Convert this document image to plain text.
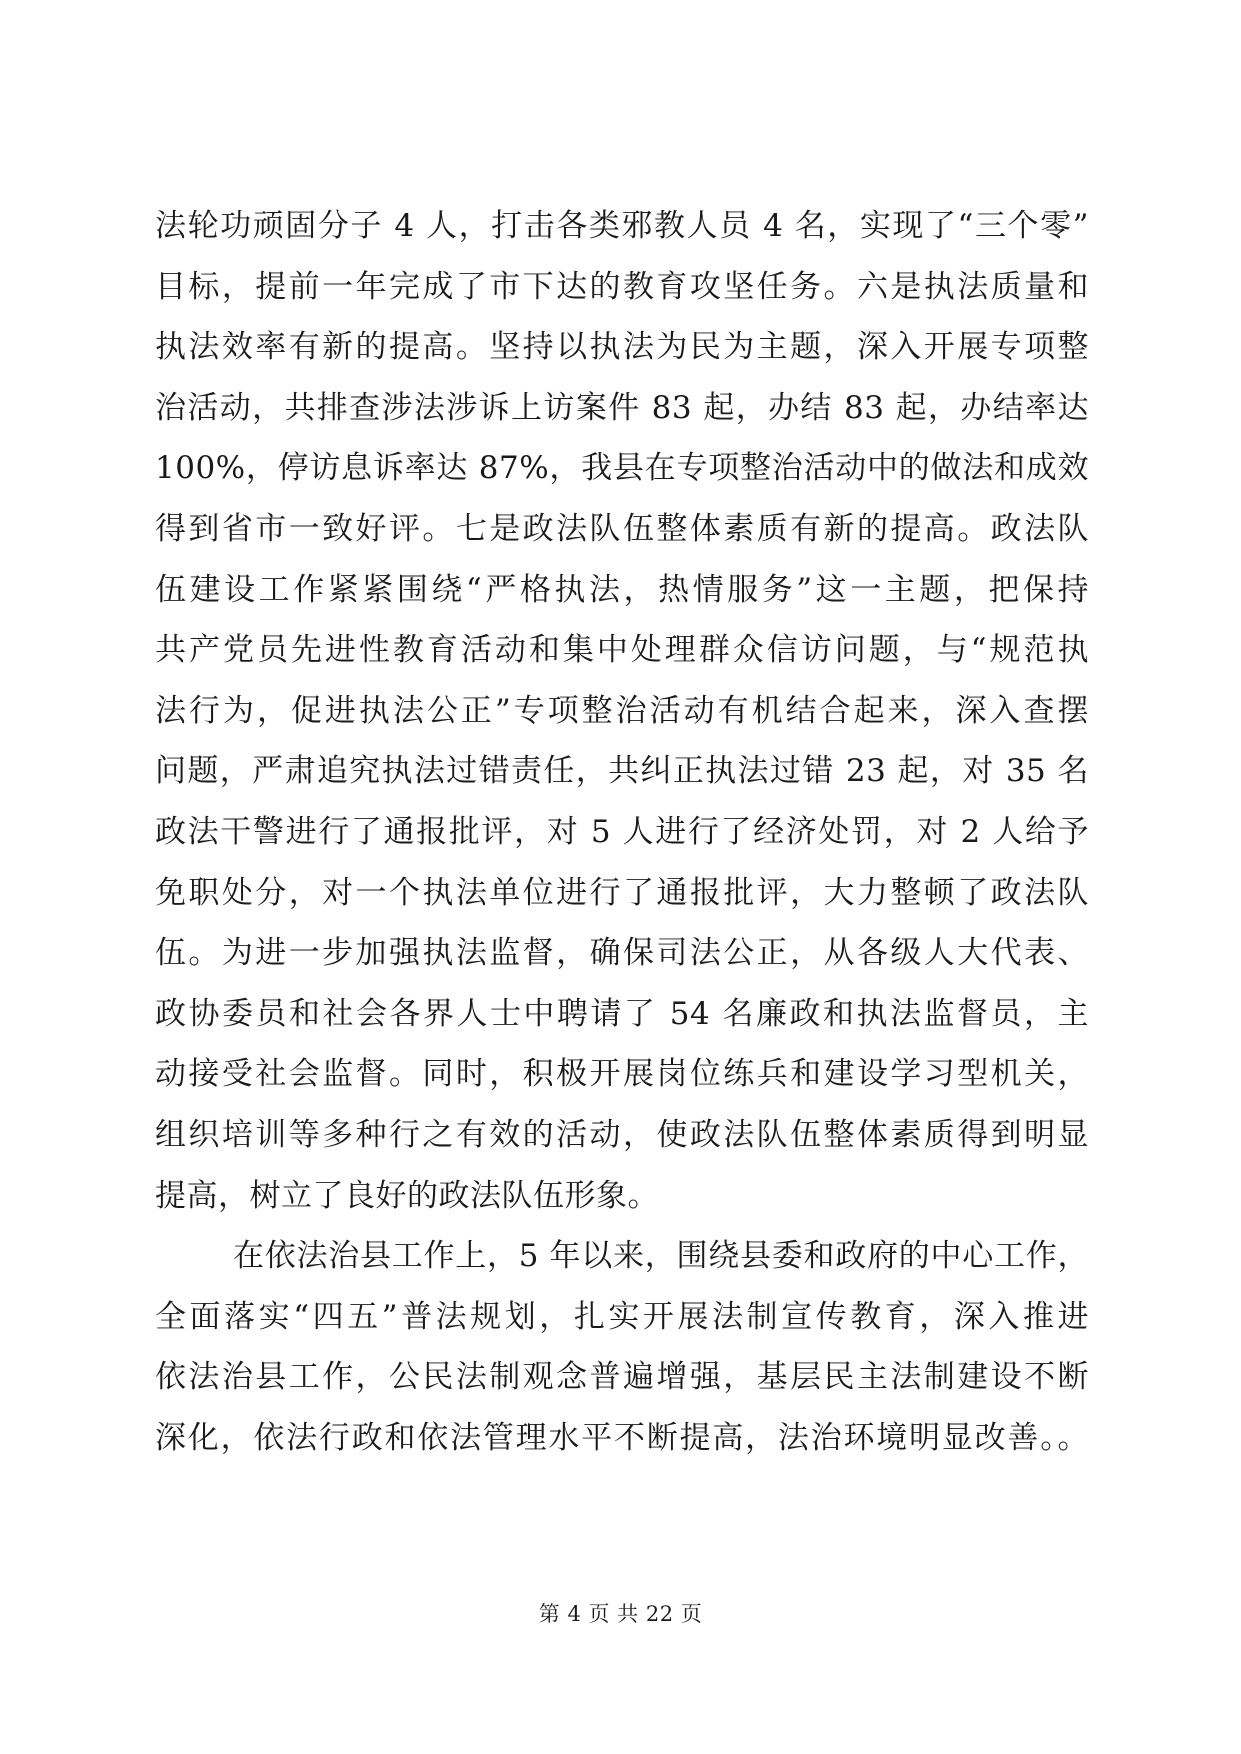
法轮功顽固分子 4 人，打击各类邪教人员 4 名，实现了“三个零”
目标，提前一年完成了市下达的教育攻坚任务。六是执法质量和
执法效率有新的提高。坚持以执法为民为主题，深入开展专项整
治活动，共排查涉法涉诉上访案件 83 起，办结 83 起，办结率达
100%，停访息诉率达 87%，我县在专项整治活动中的做法和成效
得到省市一致好评。七是政法队伍整体素质有新的提高。政法队
伍建设工作紧紧围绕“严格执法，热情服务”这一主题，把保持
共产党员先进性教育活动和集中处理群众信访问题，与“规范执
法行为，促进执法公正”专项整治活动有机结合起来，深入查摆
问题，严肃追究执法过错责任，共纠正执法过错 23 起，对 35 名
政法干警进行了通报批评，对 5 人进行了经济处罚，对 2 人给予
免职处分，对一个执法单位进行了通报批评，大力整顿了政法队
伍。为进一步加强执法监督，确保司法公正，从各级人大代表、
政协委员和社会各界人士中聘请了 54 名廉政和执法监督员，主
动接受社会监督。同时，积极开展岗位练兵和建设学习型机关，
组织培训等多种行之有效的活动，使政法队伍整体素质得到明显
提高，树立了良好的政法队伍形象。
在依法治县工作上，5 年以来，围绕县委和政府的中心工作，
全面落实“四五”普法规划，扎实开展法制宣传教育，深入推进
依法治县工作，公民法制观念普遍增强，基层民主法制建设不断
深化，依法行政和依法管理水平不断提高，法治环境明显改善。。
第 4 页 共 22 页
